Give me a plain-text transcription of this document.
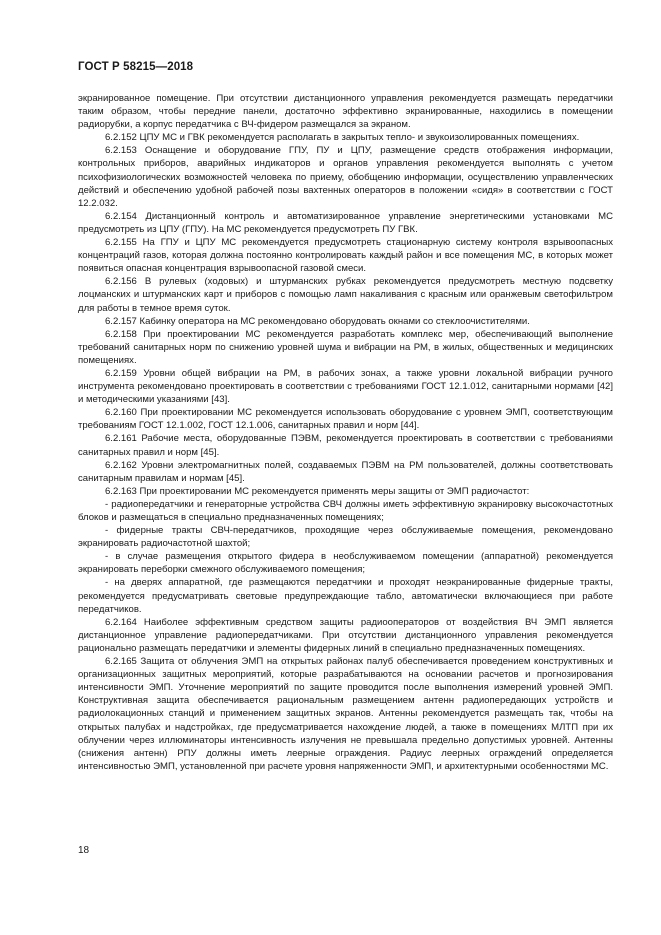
ГОСТ Р 58215—2018

экранированное помещение. При отсутствии дистанционного управления рекомендуется размещать передатчики таким образом, чтобы передние панели, достаточно эффективно экранированные, находились в помещении радиорубки, а корпус передатчика с ВЧ-фидером размещался за экраном.

6.2.152 ЦПУ МС и ГВК рекомендуется располагать в закрытых тепло- и звукоизолированных помещениях.

6.2.153 Оснащение и оборудование ГПУ, ПУ и ЦПУ, размещение средств отображения информации, контрольных приборов, аварийных индикаторов и органов управления рекомендуется выполнять с учетом психофизиологических возможностей человека по приему, обобщению информации, осуществлению управленческих действий и обеспечению удобной рабочей позы вахтенных операторов в положении «сидя» в соответствии с ГОСТ 12.2.032.

6.2.154 Дистанционный контроль и автоматизированное управление энергетическими установками МС предусмотреть из ЦПУ (ГПУ). На МС рекомендуется предусмотреть ПУ ГВК.

6.2.155 На ГПУ и ЦПУ МС рекомендуется предусмотреть стационарную систему контроля взрывоопасных концентраций газов, которая должна постоянно контролировать каждый район и все помещения МС, в которых может появиться опасная концентрация взрывоопасной газовой смеси.

6.2.156 В рулевых (ходовых) и штурманских рубках рекомендуется предусмотреть местную подсветку лоцманских и штурманских карт и приборов с помощью ламп накаливания с красным или оранжевым светофильтром для работы в темное время суток.

6.2.157 Кабинку оператора на МС рекомендовано оборудовать окнами со стеклоочистителями.

6.2.158 При проектировании МС рекомендуется разработать комплекс мер, обеспечивающий выполнение требований санитарных норм по снижению уровней шума и вибрации на РМ, в жилых, общественных и медицинских помещениях.

6.2.159 Уровни общей вибрации на РМ, в рабочих зонах, а также уровни локальной вибрации ручного инструмента рекомендовано проектировать в соответствии с требованиями ГОСТ 12.1.012, санитарными нормами [42] и методическими указаниями [43].

6.2.160 При проектировании МС рекомендуется использовать оборудование с уровнем ЭМП, соответствующим требованиям ГОСТ 12.1.002, ГОСТ 12.1.006, санитарных правил и норм [44].

6.2.161 Рабочие места, оборудованные ПЭВМ, рекомендуется проектировать в соответствии с требованиями санитарных правил и норм [45].

6.2.162 Уровни электромагнитных полей, создаваемых ПЭВМ на РМ пользователей, должны соответствовать санитарным правилам и нормам [45].

6.2.163 При проектировании МС рекомендуется применять меры защиты от ЭМП радиочастот:

- радиопередатчики и генераторные устройства СВЧ должны иметь эффективную экранировку высокочастотных блоков и размещаться в специально предназначенных помещениях;

- фидерные тракты СВЧ-передатчиков, проходящие через обслуживаемые помещения, рекомендовано экранировать радиочастотной шахтой;

- в случае размещения открытого фидера в необслуживаемом помещении (аппаратной) рекомендуется экранировать переборки смежного обслуживаемого помещения;

- на дверях аппаратной, где размещаются передатчики и проходят неэкранированные фидерные тракты, рекомендуется предусматривать световые предупреждающие табло, автоматически включающиеся при работе передатчиков.

6.2.164 Наиболее эффективным средством защиты радиооператоров от воздействия ВЧ ЭМП является дистанционное управление радиопередатчиками. При отсутствии дистанционного управления рекомендуется рационально размещать передатчики и элементы фидерных линий в специально предназначенных помещениях.

6.2.165 Защита от облучения ЭМП на открытых районах палуб обеспечивается проведением конструктивных и организационных защитных мероприятий, которые разрабатываются на основании расчетов и прогнозирования интенсивности ЭМП. Уточнение мероприятий по защите проводится после выполнения измерений уровней ЭМП. Конструктивная защита обеспечивается рациональным размещением антенн радиопередающих устройств и радиолокационных станций и применением защитных экранов. Антенны рекомендуется размещать так, чтобы на открытых палубах и надстройках, где предусматривается нахождение людей, а также в помещениях МЛТП при их облучении через иллюминаторы интенсивность излучения не превышала предельно допустимых уровней. Антенны (снижения антенн) РПУ должны иметь леерные ограждения. Радиус леерных ограждений определяется интенсивностью ЭМП, установленной при расчете уровня напряженности ЭМП, и архитектурными особенностями МС.

18
